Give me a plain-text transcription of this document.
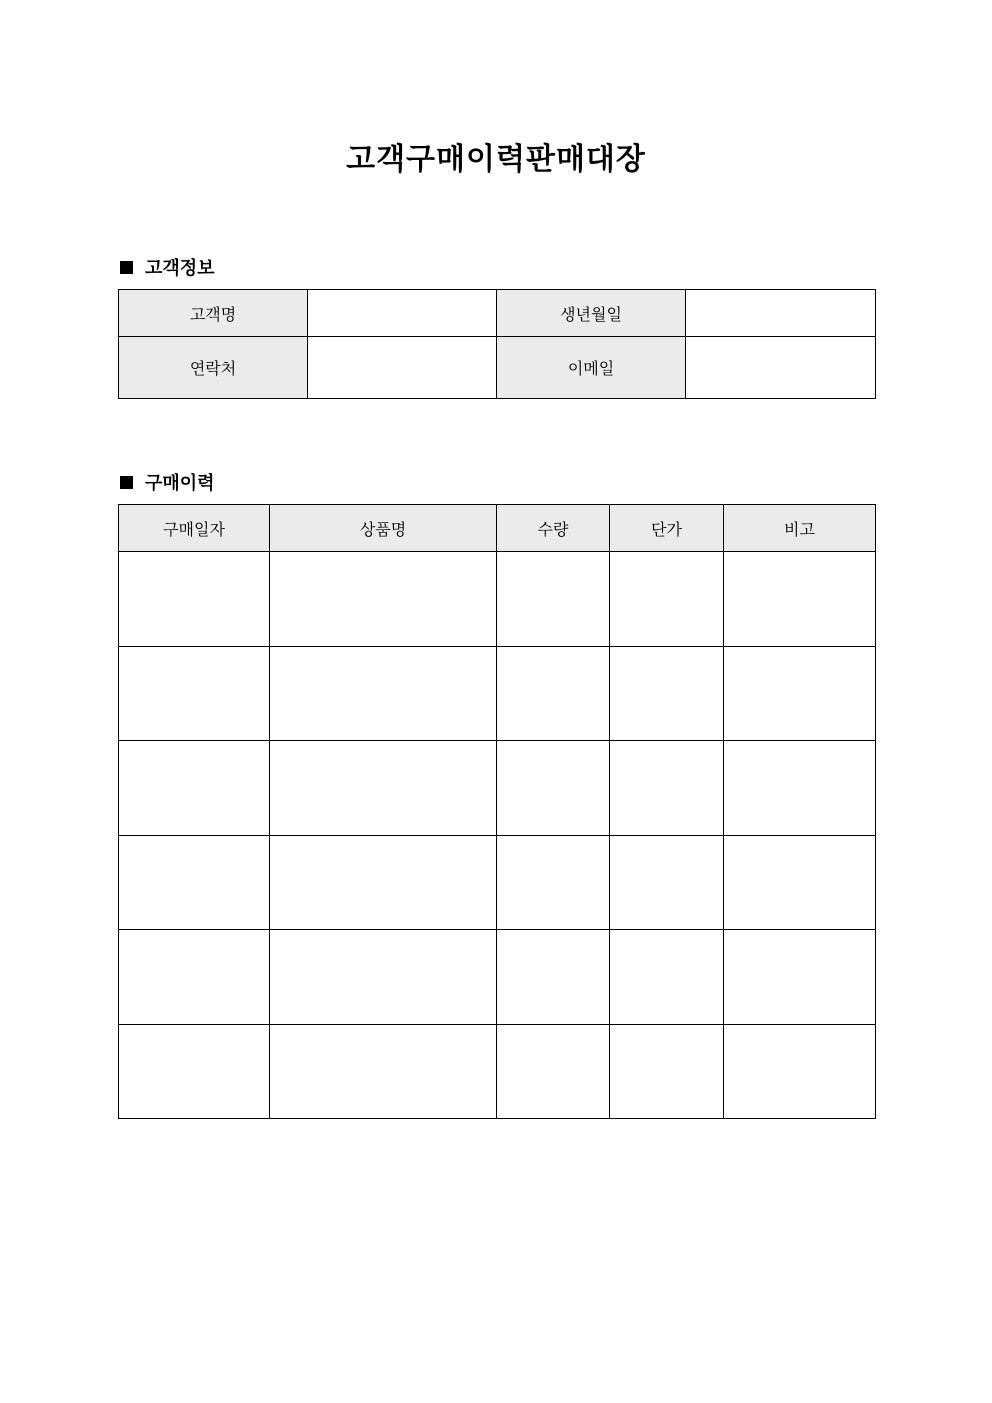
고객구매이력판매대장
고객정보
고객명		생년월일	
연락처		이메일	
구매이력
구매일자	상품명	수량	단가	비고
